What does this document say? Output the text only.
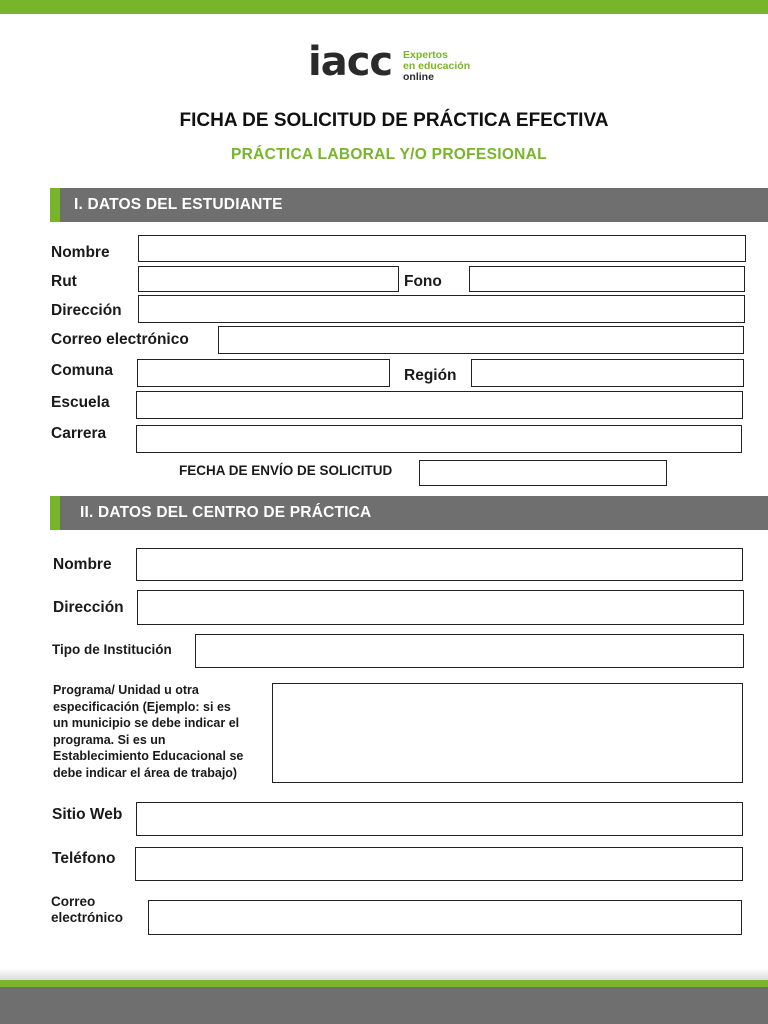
iacc Expertos
en educación
online
FICHA DE SOLICITUD DE PRÁCTICA EFECTIVA
PRÁCTICA LABORAL Y/O PROFESIONAL
I. DATOS DEL ESTUDIANTE
Nombre
Rut	Fono
Dirección
Correo electrónico
Comuna	Región
Escuela
Carrera
FECHA DE ENVÍO DE SOLICITUD
II. DATOS DEL CENTRO DE PRÁCTICA
Nombre
Dirección
Tipo de Institución
Programa/ Unidad u otra
especificación (Ejemplo: si es
un municipio se debe indicar el
programa. Si es un
Establecimiento Educacional se
debe indicar el área de trabajo)
Sitio Web
Teléfono
Correo
electrónico
